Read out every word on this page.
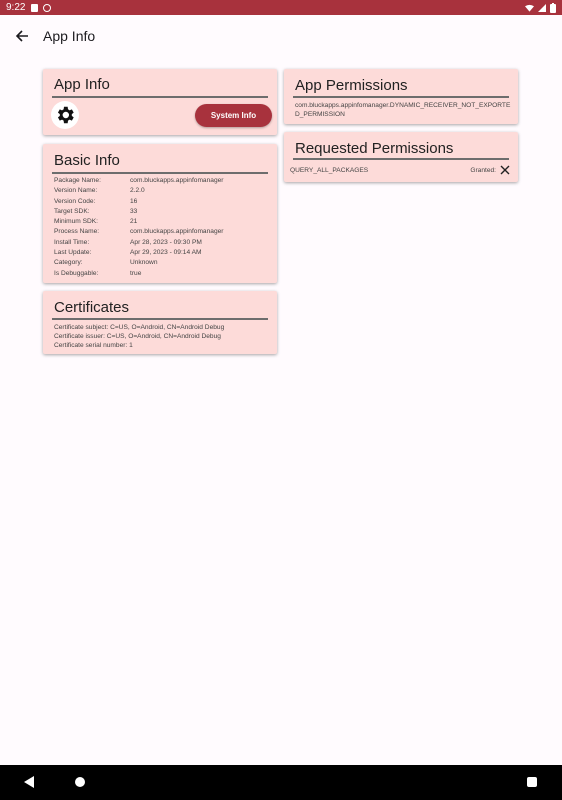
9:22
App Info
App Info
System Info
Basic Info
Package Name:	com.bluckapps.appinfomanager
Version Name:	2.2.0
Version Code:	16
Target SDK:	33
Minimum SDK:	21
Process Name:	com.bluckapps.appinfomanager
Install Time:	Apr 28, 2023 - 09:30 PM
Last Update:	Apr 29, 2023 - 09:14 AM
Category:	Unknown
Is Debuggable:	true
Certificates
Certificate subject: C=US, O=Android, CN=Android Debug
Certificate issuer: C=US, O=Android, CN=Android Debug
Certificate serial number: 1
App Permissions
com.bluckapps.appinfomanager.DYNAMIC_RECEIVER_NOT_EXPORTED_PERMISSION
Requested Permissions
QUERY_ALL_PACKAGES	Granted:
